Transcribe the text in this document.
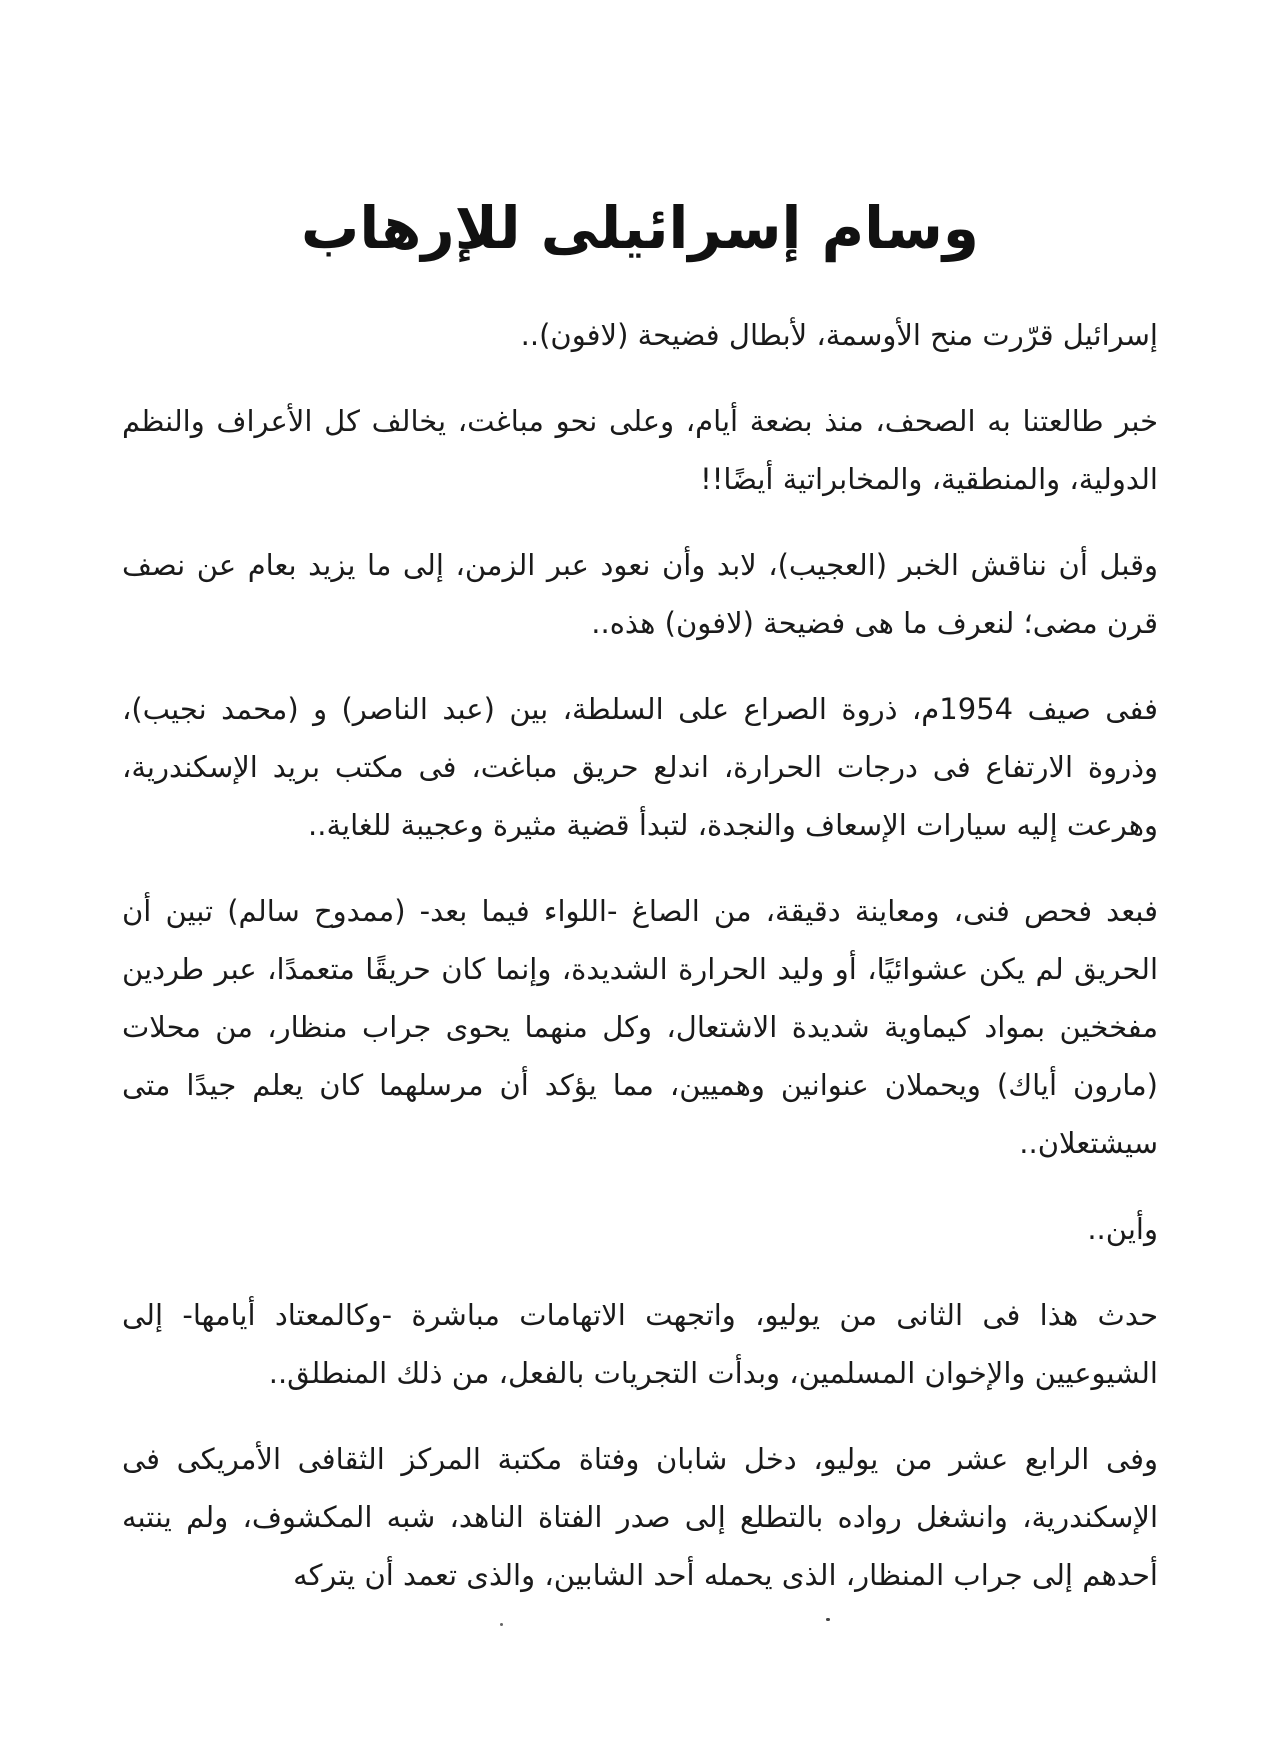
وسام إسرائيلى للإرهاب

إسرائيل قرّرت منح الأوسمة، لأبطال فضيحة (لافون)..

خبر طالعتنا به الصحف، منذ بضعة أيام، وعلى نحو مباغت، يخالف كل الأعراف والنظم الدولية، والمنطقية، والمخابراتية أيضًا!!

وقبل أن نناقش الخبر (العجيب)، لابد وأن نعود عبر الزمن، إلى ما يزيد بعام عن نصف قرن مضى؛ لنعرف ما هى فضيحة (لافون) هذه..

ففى صيف 1954م، ذروة الصراع على السلطة، بين (عبد الناصر) و (محمد نجيب)، وذروة الارتفاع فى درجات الحرارة، اندلع حريق مباغت، فى مكتب بريد الإسكندرية، وهرعت إليه سيارات الإسعاف والنجدة، لتبدأ قضية مثيرة وعجيبة للغاية..

فبعد فحص فنى، ومعاينة دقيقة، من الصاغ -اللواء فيما بعد- (ممدوح سالم) تبين أن الحريق لم يكن عشوائيًا، أو وليد الحرارة الشديدة، وإنما كان حريقًا متعمدًا، عبر طردين مفخخين بمواد كيماوية شديدة الاشتعال، وكل منهما يحوى جراب منظار، من محلات (مارون أياك) ويحملان عنوانين وهميين، مما يؤكد أن مرسلهما كان يعلم جيدًا متى سيشتعلان..

وأين..

حدث هذا فى الثانى من يوليو، واتجهت الاتهامات مباشرة -وكالمعتاد أيامها- إلى الشيوعيين والإخوان المسلمين، وبدأت التجريات بالفعل، من ذلك المنطلق..

وفى الرابع عشر من يوليو، دخل شابان وفتاة مكتبة المركز الثقافى الأمريكى فى الإسكندرية، وانشغل رواده بالتطلع إلى صدر الفتاة الناهد، شبه المكشوف، ولم ينتبه أحدهم إلى جراب المنظار، الذى يحمله أحد الشابين، والذى تعمد أن يتركه
